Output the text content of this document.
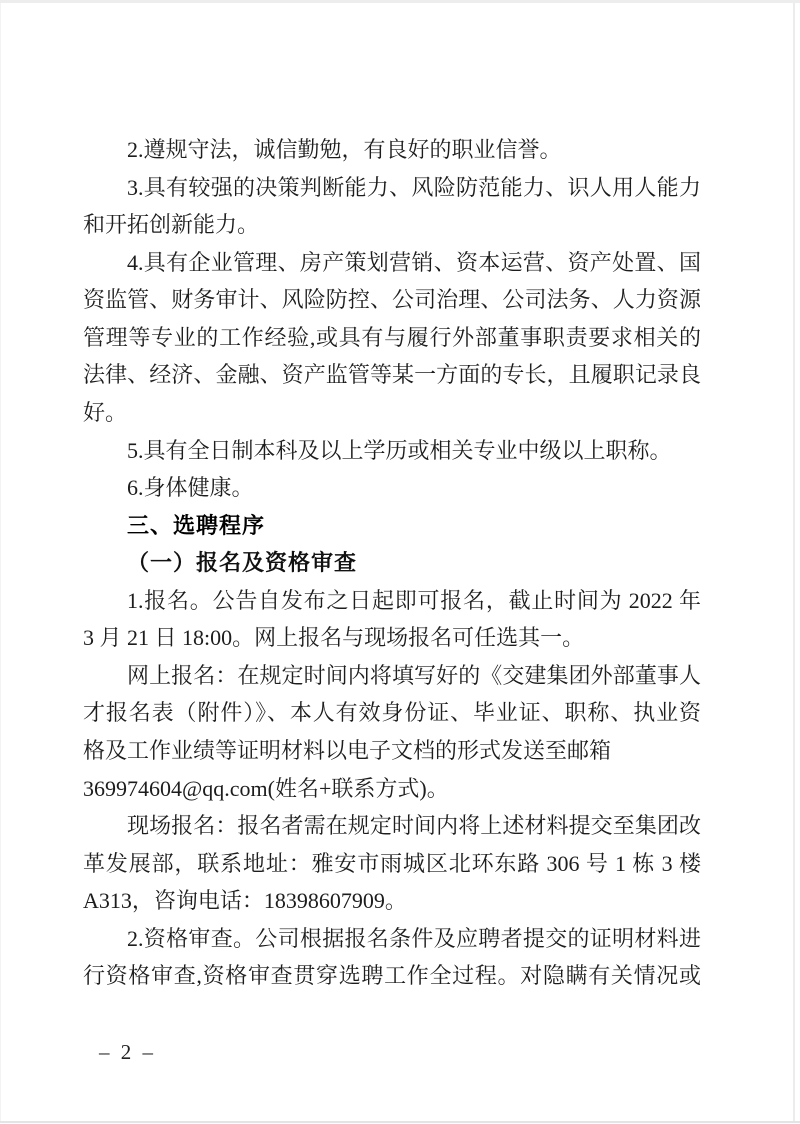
2.遵规守法，诚信勤勉，有良好的职业信誉。
3.具有较强的决策判断能力、风险防范能力、识人用人能力
和开拓创新能力。
4.具有企业管理、房产策划营销、资本运营、资产处置、国
资监管、财务审计、风险防控、公司治理、公司法务、人力资源
管理等专业的工作经验,或具有与履行外部董事职责要求相关的
法律、经济、金融、资产监管等某一方面的专长，且履职记录良
好。
5.具有全日制本科及以上学历或相关专业中级以上职称。
6.身体健康。
三、选聘程序
（一）报名及资格审查
1.报名。公告自发布之日起即可报名，截止时间为 2022 年
3 月 21 日 18:00。网上报名与现场报名可任选其一。
网上报名：在规定时间内将填写好的《交建集团外部董事人
才报名表（附件）》、本人有效身份证、毕业证、职称、执业资
格及工作业绩等证明材料以电子文档的形式发送至邮箱
369974604@qq.com(姓名+联系方式)。
现场报名：报名者需在规定时间内将上述材料提交至集团改
革发展部，联系地址：雅安市雨城区北环东路 306 号 1 栋 3 楼
A313，咨询电话：18398607909。
2.资格审查。公司根据报名条件及应聘者提交的证明材料进
行资格审查,资格审查贯穿选聘工作全过程。对隐瞒有关情况或
– 2 –
